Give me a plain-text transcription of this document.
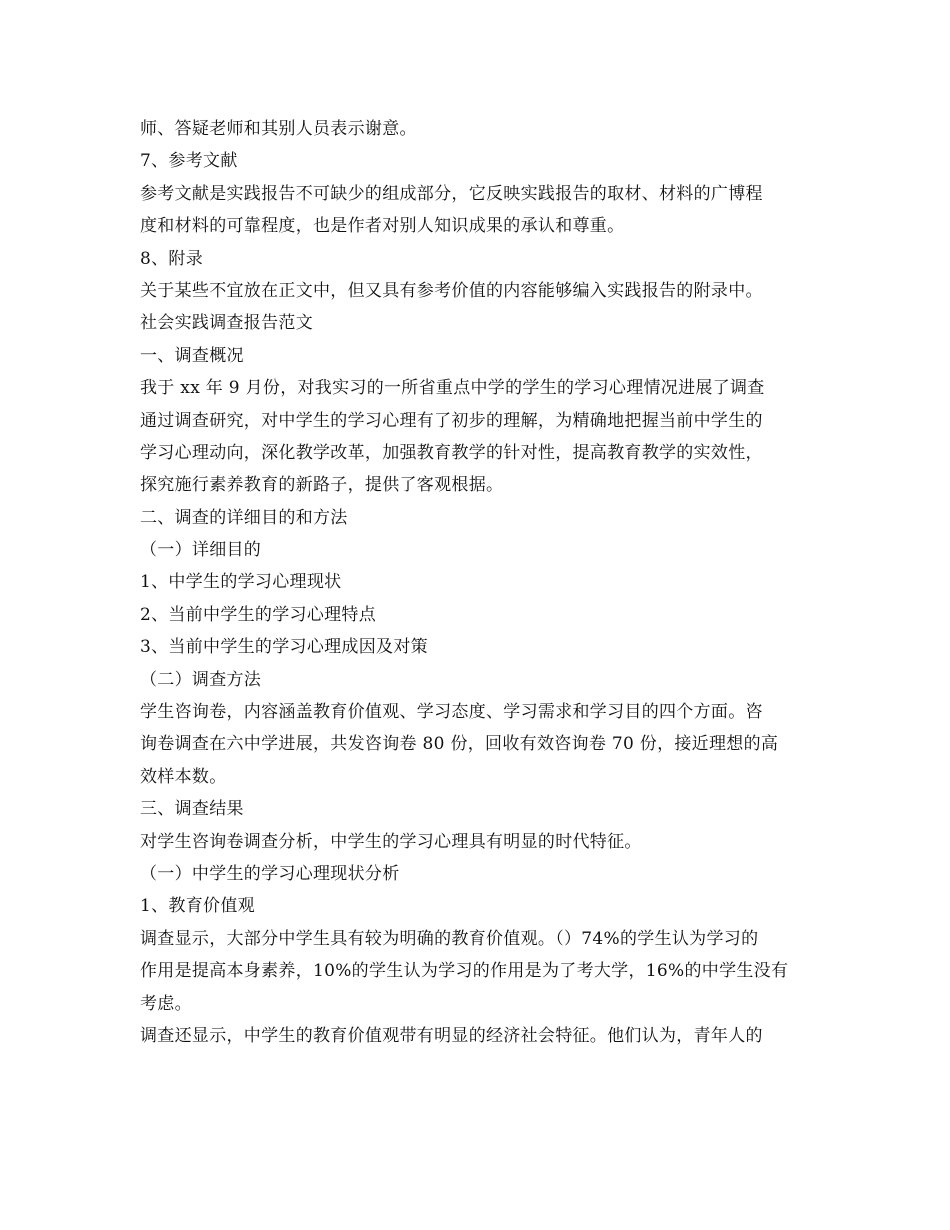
师、答疑老师和其别人员表示谢意。

7、参考文献

参考文献是实践报告不可缺少的组成部分，它反映实践报告的取材、材料的广博程

度和材料的可靠程度，也是作者对别人知识成果的承认和尊重。

8、附录

关于某些不宜放在正文中，但又具有参考价值的内容能够编入实践报告的附录中。

社会实践调查报告范文

一、调查概况

我于 xx 年 9 月份，对我实习的一所省重点中学的学生的学习心理情况进展了调查

通过调查研究，对中学生的学习心理有了初步的理解，为精确地把握当前中学生的

学习心理动向，深化教学改革，加强教育教学的针对性，提高教育教学的实效性，

探究施行素养教育的新路子，提供了客观根据。

二、调查的详细目的和方法

（一）详细目的

1、中学生的学习心理现状

2、当前中学生的学习心理特点

3、当前中学生的学习心理成因及对策

（二）调查方法

学生咨询卷，内容涵盖教育价值观、学习态度、学习需求和学习目的四个方面。咨

询卷调查在六中学进展，共发咨询卷 80 份，回收有效咨询卷 70 份，接近理想的高

效样本数。

三、调查结果

对学生咨询卷调查分析，中学生的学习心理具有明显的时代特征。

（一）中学生的学习心理现状分析

1、教育价值观

调查显示，大部分中学生具有较为明确的教育价值观。（）74%的学生认为学习的

作用是提高本身素养，10%的学生认为学习的作用是为了考大学，16%的中学生没有

考虑。

调查还显示，中学生的教育价值观带有明显的经济社会特征。他们认为，青年人的
